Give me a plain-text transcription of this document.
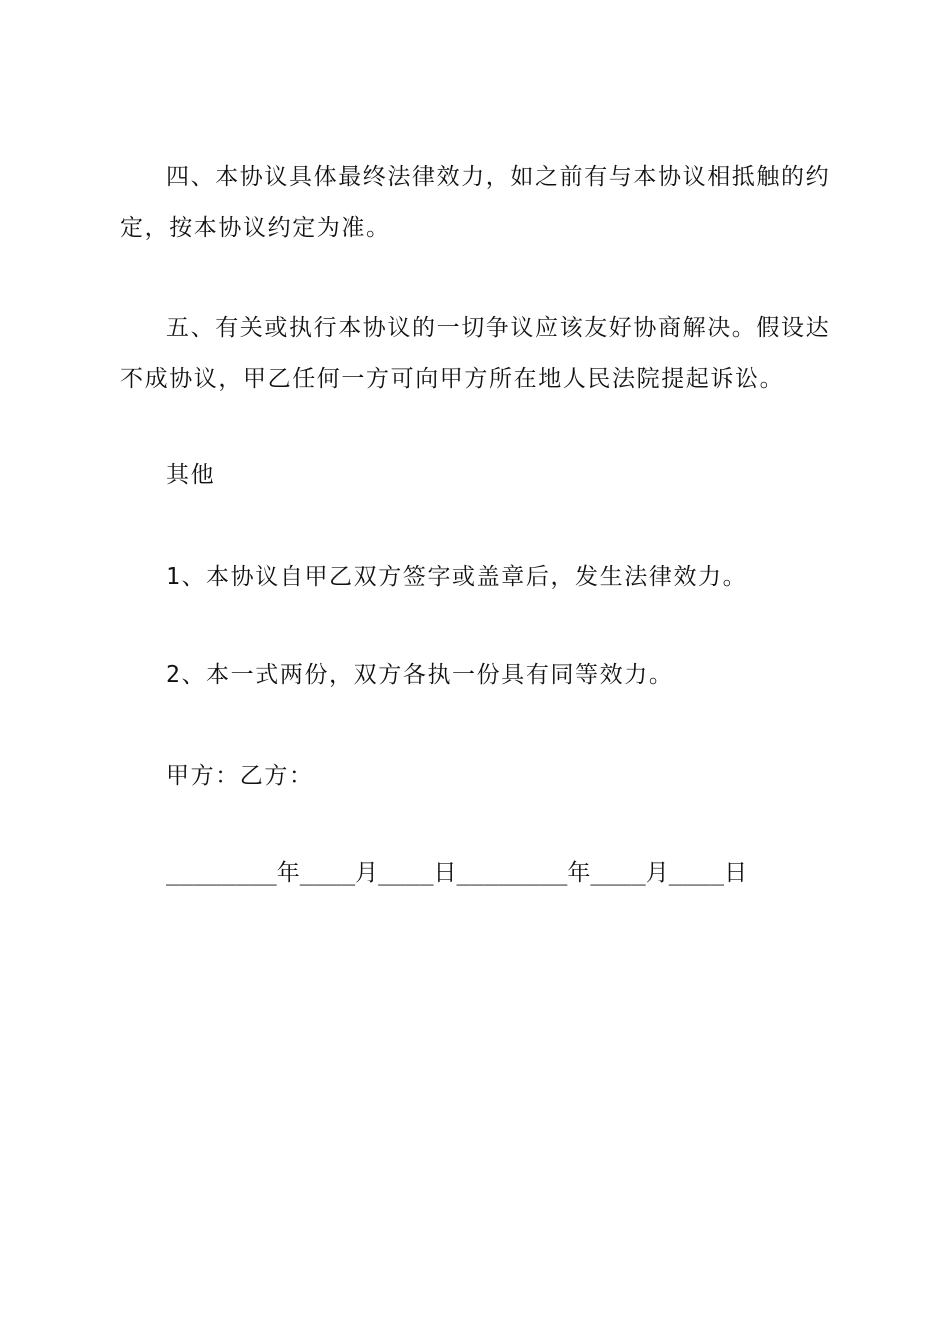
四、本协议具体最终法律效力，如之前有与本协议相抵触的约
定，按本协议约定为准。
五、有关或执行本协议的一切争议应该友好协商解决。假设达
不成协议，甲乙任何一方可向甲方所在地人民法院提起诉讼。
其他
1、本协议自甲乙双方签字或盖章后，发生法律效力。
2、本一式两份，双方各执一份具有同等效力。
甲方：乙方：
________年____月____日________年____月____日
